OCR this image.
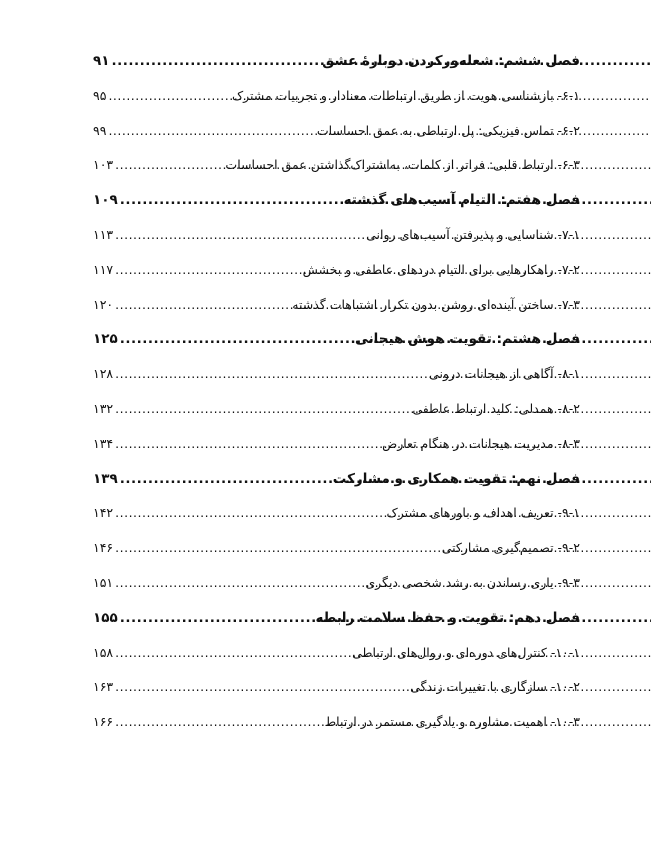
فصل ششم: شعله‌ورکردن دوبارهٔ عشق
.....
۹۱
۶-۱- بازشناسی هویت از طریق ارتباطات معنادار و تجربیات مشترک
.....
۹۵
۶-۲- تماس فیزیکی: پل ارتباطی به عمق احساسات
.....
۹۹
۶-۳- ارتباط قلبی: فراتر از کلمات، به‌اشتراک‌گذاشتن عمق احساسات
.....
۱۰۳
فصل هفتم: التیام آسیب‌های گذشته
.....
۱۰۹
۷-۱- شناسایی و پذیرفتن آسیب‌های روانی
.....
۱۱۳
۷-۲- راهکارهایی برای التیام دردهای عاطفی و بخشش
.....
۱۱۷
۷-۳- ساختن آینده‌ای روشن بدون تکرار اشتباهات گذشته
.....
۱۲۰
فصل هشتم: تقویت هوش هیجانی
.....
۱۲۵
۸-۱- آگاهی از هیجانات درونی
.....
۱۲۸
۸-۲- همدلی: کلید ارتباط عاطفی
.....
۱۳۲
۸-۳- مدیریت هیجانات در هنگام تعارض
.....
۱۳۴
فصل نهم: تقویت همکاری و مشارکت
.....
۱۳۹
۹-۱- تعریف اهداف و باورهای مشترک
.....
۱۴۲
۹-۲- تصمیم‌گیری مشارکتی
.....
۱۴۶
۹-۳- یاری رساندن به رشد شخصی دیگری
.....
۱۵۱
فصل دهم: تقویت و حفظ سلامت رابطه
.....
۱۵۵
۱۰-۱- کنترل‌های دوره‌ای و روال‌های ارتباطی
.....
۱۵۸
۱۰-۲- سازگاری با تغییرات زندگی
.....
۱۶۳
۱۰-۳- اهمیت مشاوره و یادگیری مستمر در ارتباط
.....
۱۶۶
